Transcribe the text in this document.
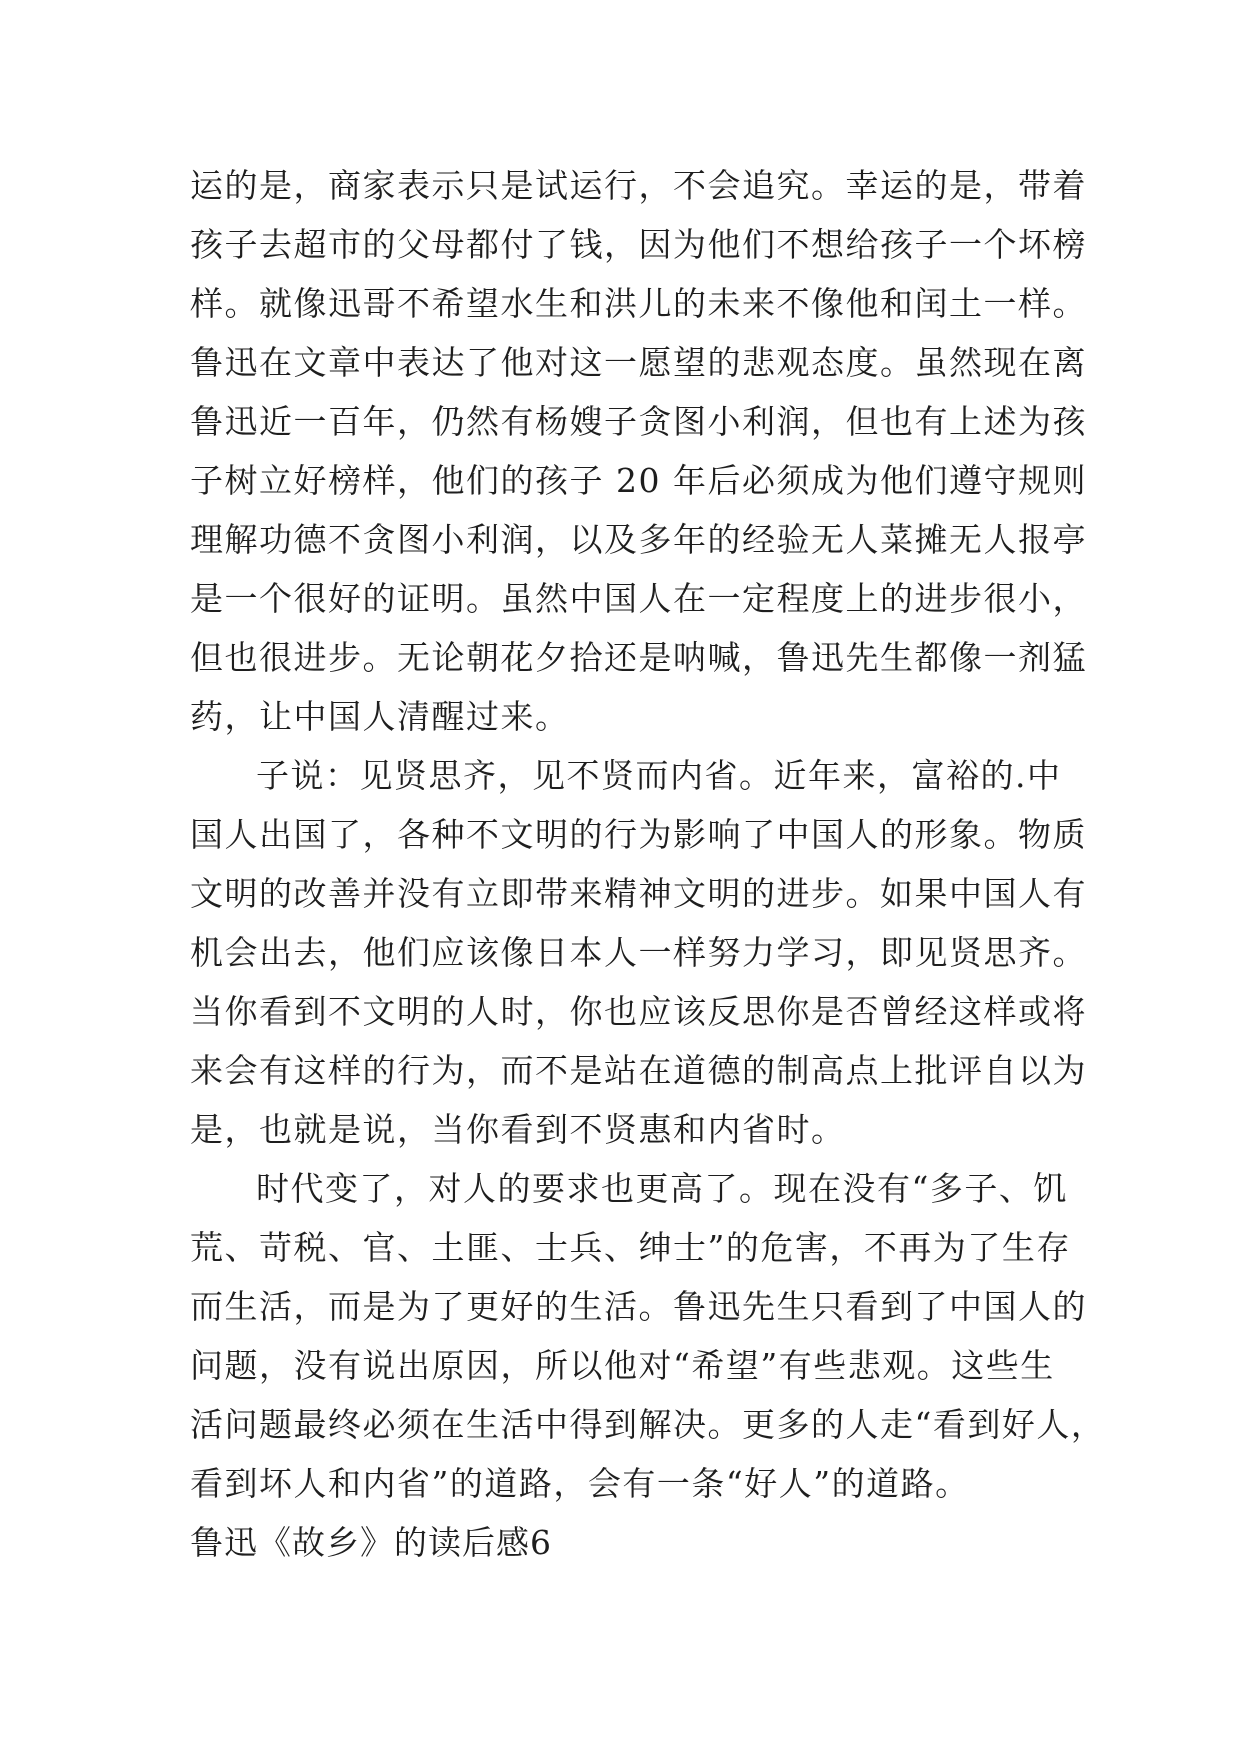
运的是，商家表示只是试运行，不会追究。幸运的是，带着
孩子去超市的父母都付了钱，因为他们不想给孩子一个坏榜
样。就像迅哥不希望水生和洪儿的未来不像他和闰土一样。
鲁迅在文章中表达了他对这一愿望的悲观态度。虽然现在离
鲁迅近一百年，仍然有杨嫂子贪图小利润，但也有上述为孩
子树立好榜样，他们的孩子 20 年后必须成为他们遵守规则
理解功德不贪图小利润，以及多年的经验无人菜摊无人报亭
是一个很好的证明。虽然中国人在一定程度上的进步很小，
但也很进步。无论朝花夕拾还是呐喊，鲁迅先生都像一剂猛
药，让中国人清醒过来。
子说：见贤思齐，见不贤而内省。近年来，富裕的.中
国人出国了，各种不文明的行为影响了中国人的形象。物质
文明的改善并没有立即带来精神文明的进步。如果中国人有
机会出去，他们应该像日本人一样努力学习，即见贤思齐。
当你看到不文明的人时，你也应该反思你是否曾经这样或将
来会有这样的行为，而不是站在道德的制高点上批评自以为
是，也就是说，当你看到不贤惠和内省时。
时代变了，对人的要求也更高了。现在没有“多子、饥
荒、苛税、官、土匪、士兵、绅士”的危害，不再为了生存
而生活，而是为了更好的生活。鲁迅先生只看到了中国人的
问题，没有说出原因，所以他对“希望”有些悲观。这些生
活问题最终必须在生活中得到解决。更多的人走“看到好人，
看到坏人和内省”的道路，会有一条“好人”的道路。
鲁迅《故乡》的读后感6
